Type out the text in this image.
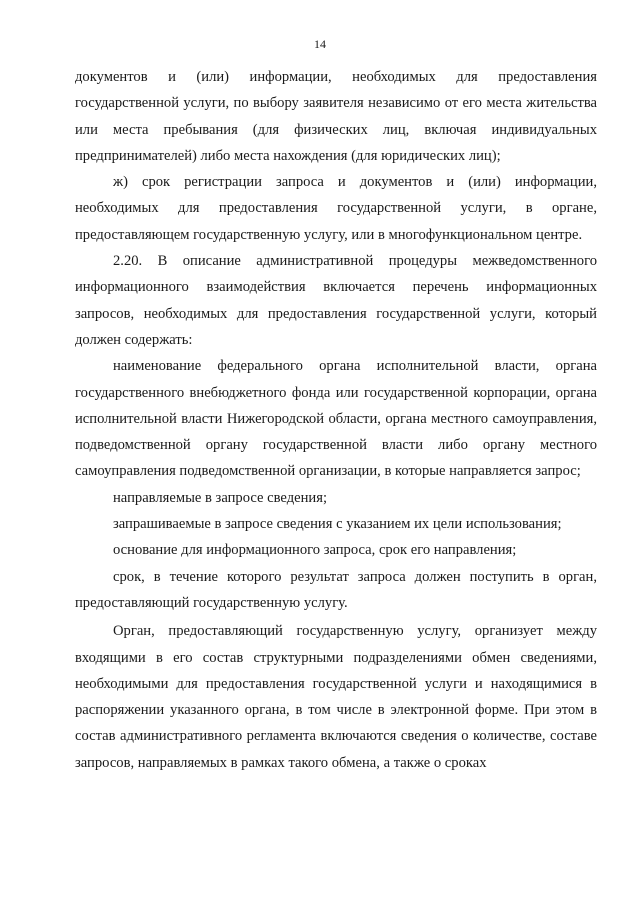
14

документов и (или) информации, необходимых для предоставления государственной услуги, по выбору заявителя независимо от его места жительства или места пребывания (для физических лиц, включая индивидуальных предпринимателей) либо места нахождения (для юридических лиц);

ж) срок регистрации запроса и документов и (или) информации, необходимых для предоставления государственной услуги, в органе, предоставляющем государственную услугу, или в многофункциональном центре.

2.20. В описание административной процедуры межведомственного информационного взаимодействия включается перечень информационных запросов, необходимых для предоставления государственной услуги, который должен содержать:

наименование федерального органа исполнительной власти, органа государственного внебюджетного фонда или государственной корпорации, органа исполнительной власти Нижегородской области, органа местного самоуправления, подведомственной органу государственной власти либо органу местного самоуправления подведомственной организации, в которые направляется запрос;

направляемые в запросе сведения;

запрашиваемые в запросе сведения с указанием их цели использования;

основание для информационного запроса, срок его направления;

срок, в течение которого результат запроса должен поступить в орган, предоставляющий государственную услугу.

Орган, предоставляющий государственную услугу, организует между входящими в его состав структурными подразделениями обмен сведениями, необходимыми для предоставления государственной услуги и находящимися в распоряжении указанного органа, в том числе в электронной форме. При этом в состав административного регламента включаются сведения о количестве, составе запросов, направляемых в рамках такого обмена, а также о сроках
